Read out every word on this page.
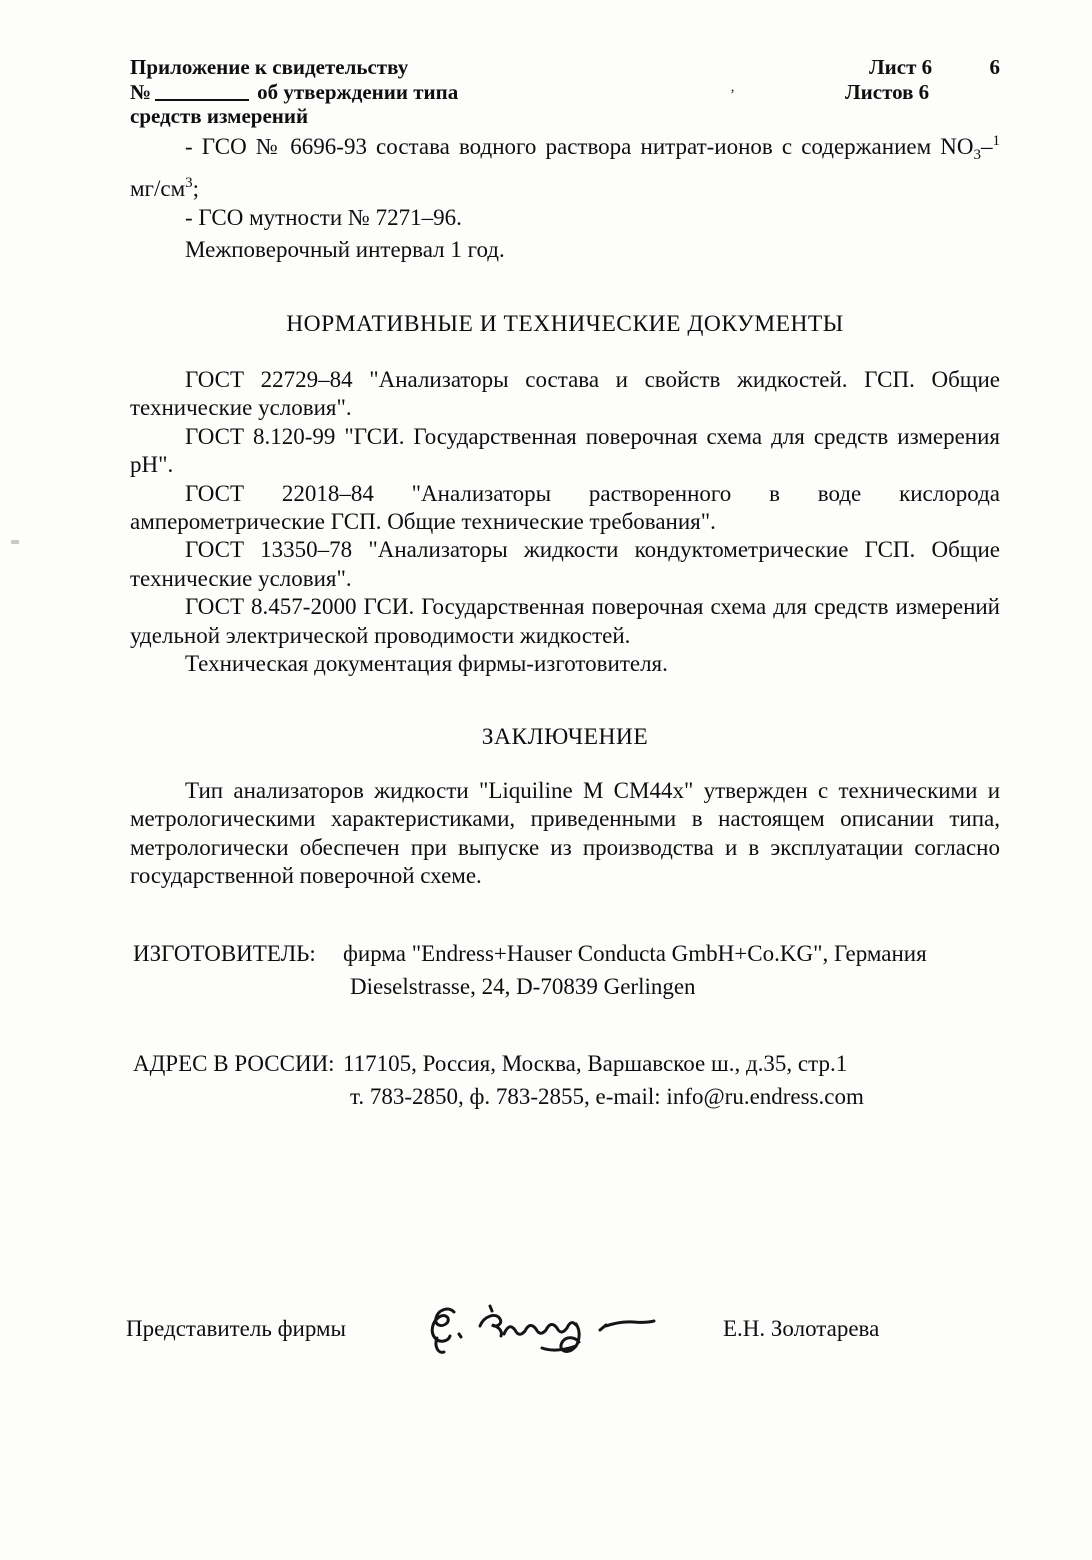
Приложение к свидетельству
№	об утверждении типа
средств измерений
Лист 6	6
Листов 6
’
- ГСО № 6696-93 состава водного раствора нитрат-ионов с содержанием $NO_3-^1$
$мг/см^3$;
- ГСО мутности № 7271–96.
Межповерочный интервал 1 год.
НОРМАТИВНЫЕ И ТЕХНИЧЕСКИЕ ДОКУМЕНТЫ

ГОСТ 22729–84 "Анализаторы состава и свойств жидкостей. ГСП. Общие технические условия".

ГОСТ 8.120-99 "ГСИ. Государственная поверочная схема для средств измерения pH".

ГОСТ 22018–84 "Анализаторы растворенного в воде кислорода амперометрические ГСП. Общие технические требования".

ГОСТ 13350–78 "Анализаторы жидкости кондуктометрические ГСП. Общие технические условия".

ГОСТ 8.457-2000 ГСИ. Государственная поверочная схема для средств измерений удельной электрической проводимости жидкостей.

Техническая документация фирмы-изготовителя.

ЗАКЛЮЧЕНИЕ
Тип анализаторов жидкости "Liquiline M CM44x" утвержден с техническими и метрологическими характеристиками, приведенными в настоящем описании типа, метрологически обеспечен при выпуске из производства и в эксплуатации согласно государственной поверочной схеме.
ИЗГОТОВИТЕЛЬ:	фирма "Endress+Hauser Conducta GmbH+Co.KG", Германия
Dieselstrasse, 24, D-70839 Gerlingen
АДРЕС В РОССИИ: 117105, Россия, Москва, Варшавское ш., д.35, стр.1
т. 783-2850, ф. 783-2855, e-mail: info@ru.endress.com
Представитель фирмы	Е.Н. Золотарева
